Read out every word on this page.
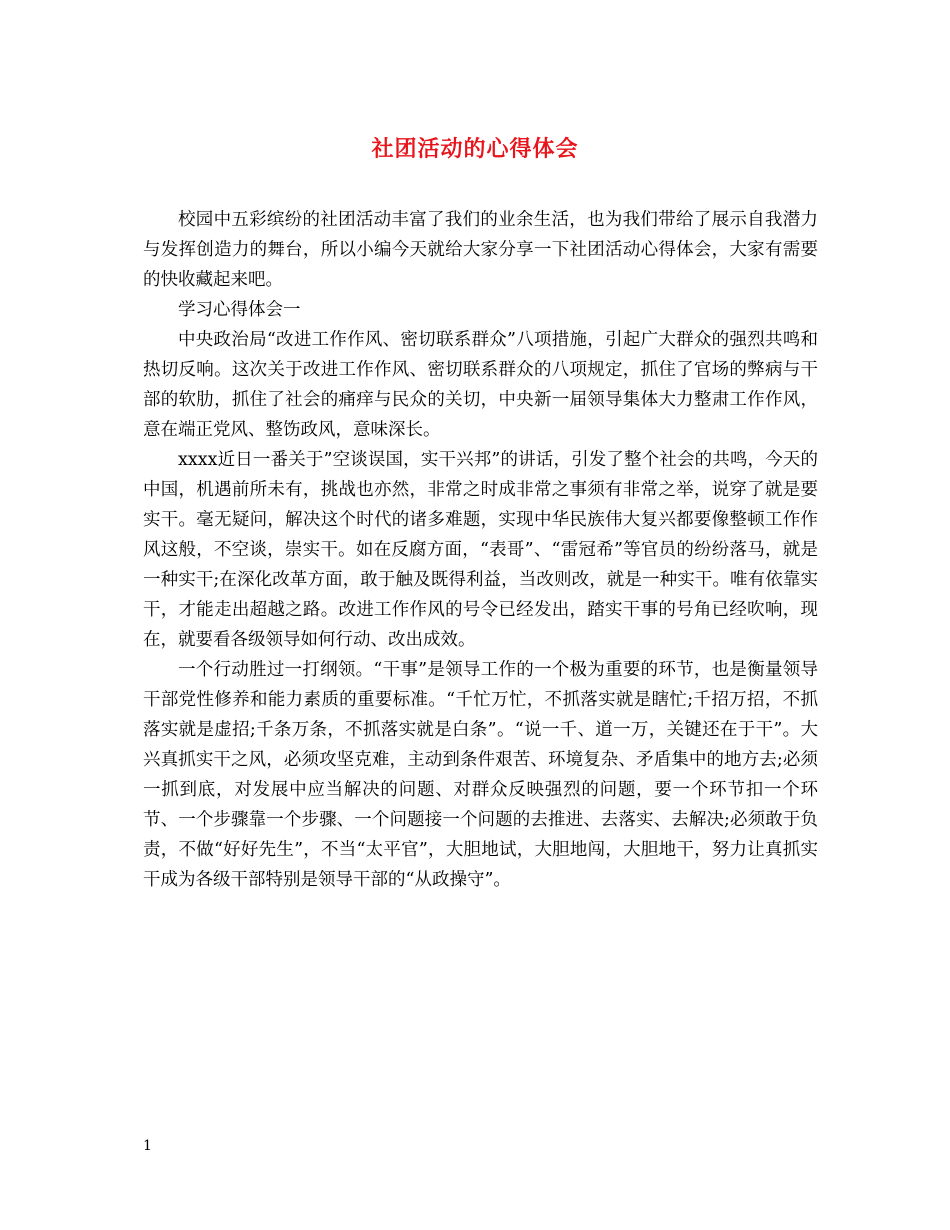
社团活动的心得体会

校园中五彩缤纷的社团活动丰富了我们的业余生活，也为我们带给了展示自我潜力与发挥创造力的舞台，所以小编今天就给大家分享一下社团活动心得体会，大家有需要的快收藏起来吧。

学习心得体会一

中央政治局“改进工作作风、密切联系群众”八项措施，引起广大群众的强烈共鸣和热切反响。这次关于改进工作作风、密切联系群众的八项规定，抓住了官场的弊病与干部的软肋，抓住了社会的痛痒与民众的关切，中央新一届领导集体大力整肃工作作风，意在端正党风、整饬政风，意味深长。

xxxx近日一番关于”空谈误国，实干兴邦”的讲话，引发了整个社会的共鸣，今天的中国，机遇前所未有，挑战也亦然，非常之时成非常之事须有非常之举，说穿了就是要实干。毫无疑问，解决这个时代的诸多难题，实现中华民族伟大复兴都要像整顿工作作风这般，不空谈，崇实干。如在反腐方面，“表哥”、“雷冠希”等官员的纷纷落马，就是一种实干;在深化改革方面，敢于触及既得利益，当改则改，就是一种实干。唯有依靠实干，才能走出超越之路。改进工作作风的号令已经发出，踏实干事的号角已经吹响，现在，就要看各级领导如何行动、改出成效。

一个行动胜过一打纲领。“干事”是领导工作的一个极为重要的环节，也是衡量领导干部党性修养和能力素质的重要标准。“千忙万忙，不抓落实就是瞎忙;千招万招，不抓落实就是虚招;千条万条，不抓落实就是白条”。“说一千、道一万，关键还在于干”。大兴真抓实干之风，必须攻坚克难，主动到条件艰苦、环境复杂、矛盾集中的地方去;必须一抓到底，对发展中应当解决的问题、对群众反映强烈的问题，要一个环节扣一个环节、一个步骤靠一个步骤、一个问题接一个问题的去推进、去落实、去解决;必须敢于负责，不做“好好先生”，不当“太平官”，大胆地试，大胆地闯，大胆地干，努力让真抓实干成为各级干部特别是领导干部的“从政操守”。

1
